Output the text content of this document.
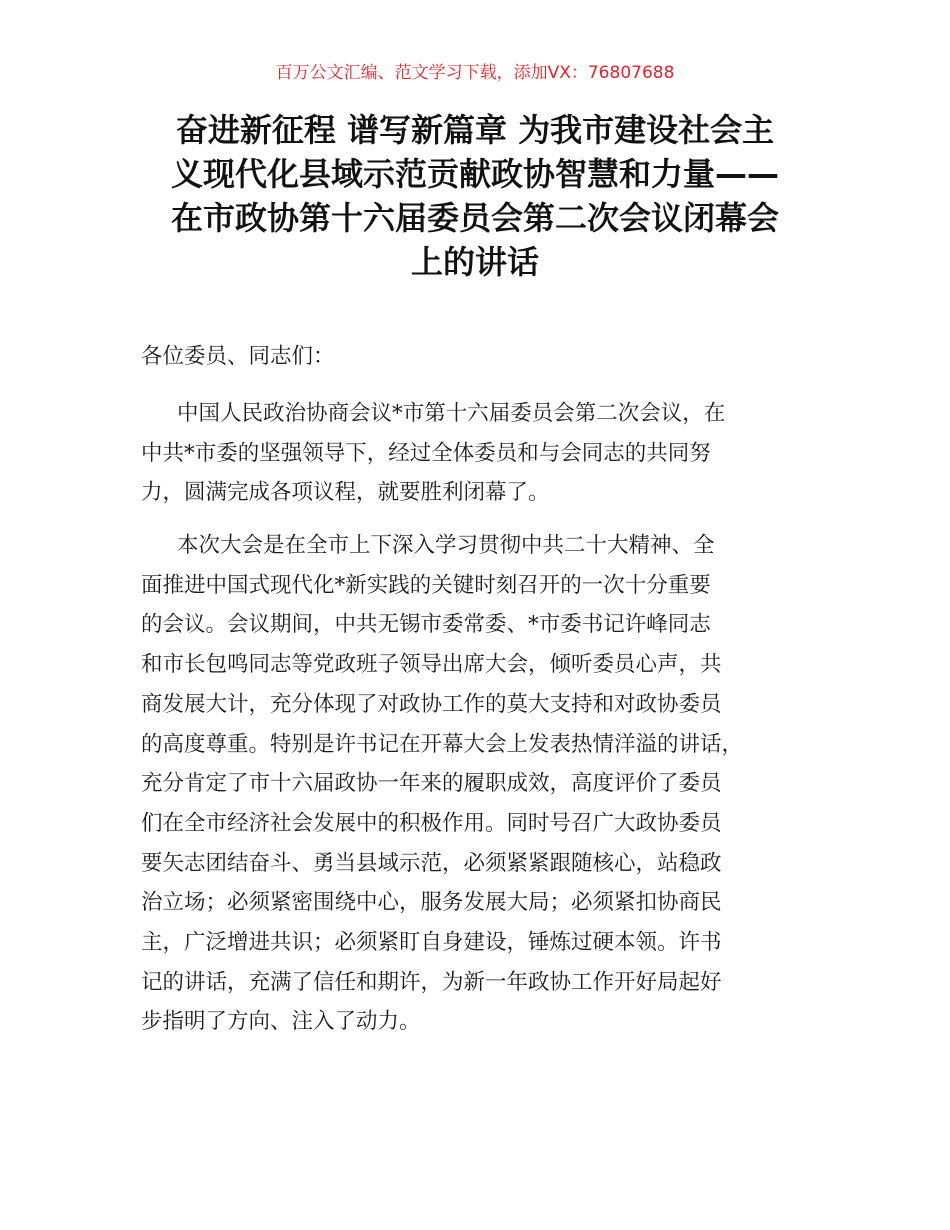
百万公文汇编、范文学习下载，添加VX：76807688
奋进新征程 谱写新篇章 为我市建设社会主
义现代化县域示范贡献政协智慧和力量——
在市政协第十六届委员会第二次会议闭幕会
上的讲话

各位委员、同志们：

中国人民政治协商会议*市第十六届委员会第二次会议，在
中共*市委的坚强领导下，经过全体委员和与会同志的共同努
力，圆满完成各项议程，就要胜利闭幕了。

本次大会是在全市上下深入学习贯彻中共二十大精神、全
面推进中国式现代化*新实践的关键时刻召开的一次十分重要
的会议。会议期间，中共无锡市委常委、*市委书记许峰同志
和市长包鸣同志等党政班子领导出席大会，倾听委员心声，共
商发展大计，充分体现了对政协工作的莫大支持和对政协委员
的高度尊重。特别是许书记在开幕大会上发表热情洋溢的讲话，
充分肯定了市十六届政协一年来的履职成效，高度评价了委员
们在全市经济社会发展中的积极作用。同时号召广大政协委员
要矢志团结奋斗、勇当县域示范，必须紧紧跟随核心，站稳政
治立场；必须紧密围绕中心，服务发展大局；必须紧扣协商民
主，广泛增进共识；必须紧盯自身建设，锤炼过硬本领。许书
记的讲话，充满了信任和期许，为新一年政协工作开好局起好
步指明了方向、注入了动力。
